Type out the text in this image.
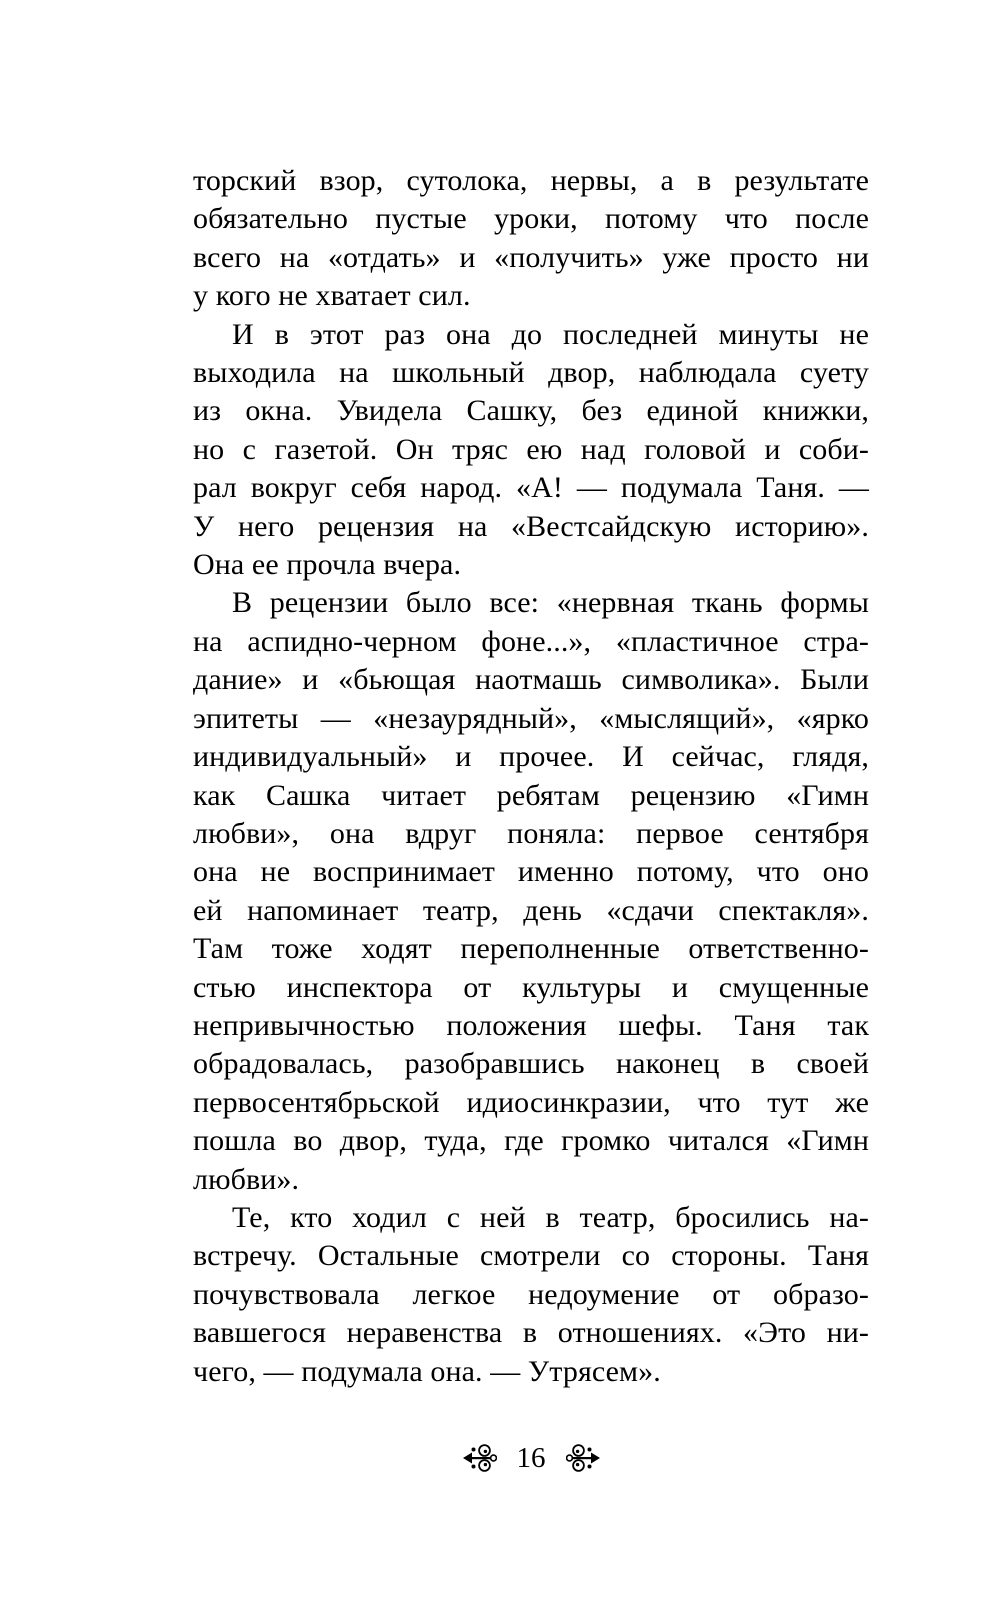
торский взор, сутолока, нервы, а в результате
обязательно пустые уроки, потому что после
всего на «отдать» и «получить» уже просто ни
у кого не хватает сил.
И в этот раз она до последней минуты не
выходила на школьный двор, наблюдала суету
из окна. Увидела Сашку, без единой книжки,
но с газетой. Он тряс ею над головой и соби-
рал вокруг себя народ. «А! — подумала Таня. —
У него рецензия на «Вестсайдскую историю».
Она ее прочла вчера.
В рецензии было все: «нервная ткань формы
на аспидно-черном фоне...», «пластичное стра-
дание» и «бьющая наотмашь символика». Были
эпитеты — «незаурядный», «мыслящий», «ярко
индивидуальный» и прочее. И сейчас, глядя,
как Сашка читает ребятам рецензию «Гимн
любви», она вдруг поняла: первое сентября
она не воспринимает именно потому, что оно
ей напоминает театр, день «сдачи спектакля».
Там тоже ходят переполненные ответственно-
стью инспектора от культуры и смущенные
непривычностью положения шефы. Таня так
обрадовалась, разобравшись наконец в своей
первосентябрьской идиосинкразии, что тут же
пошла во двор, туда, где громко читался «Гимн
любви».
Те, кто ходил с ней в театр, бросились на-
встречу. Остальные смотрели со стороны. Таня
почувствовала легкое недоумение от образо-
вавшегося неравенства в отношениях. «Это ни-
чего, — подумала она. — Утрясем».
16
